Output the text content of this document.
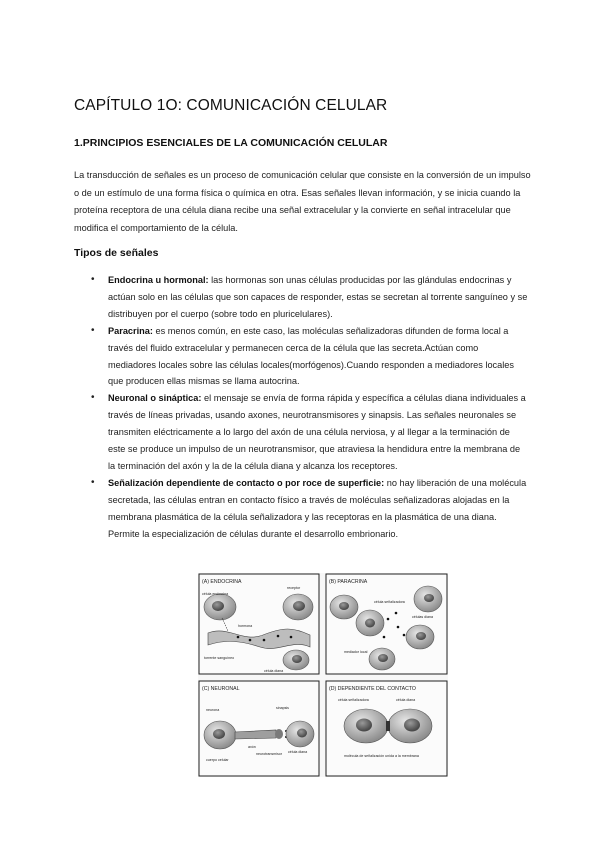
CAPÍTULO 1O: COMUNICACIÓN CELULAR
1.PRINCIPIOS ESENCIALES DE LA COMUNICACIÓN CELULAR

La transducción de señales es un proceso de comunicación celular que consiste en la conversión de un impulso o de un estímulo de una forma física o química en otra. Esas señales llevan información, y se inicia cuando la proteína receptora de una célula diana recibe una señal extracelular y la convierte en señal intracelular que modifica el comportamiento de la célula.

Tipos de señales
• Endocrina u hormonal: las hormonas son unas células producidas por las glándulas endocrinas y actúan solo en las células que son capaces de responder, estas se secretan al torrente sanguíneo y se distribuyen por el cuerpo (sobre todo en pluricelulares).
• Paracrina: es menos común, en este caso, las moléculas señalizadoras difunden de forma local a través del fluido extracelular y permanecen cerca de la célula que las secreta.Actúan como mediadores locales sobre las células locales(morfógenos).Cuando responden a mediadores locales que producen ellas mismas se llama autocrina.
• Neuronal o sináptica: el mensaje se envía de forma rápida y específica a células diana individuales a través de líneas privadas, usando axones, neurotransmisores y sinapsis. Las señales neuronales se transmiten eléctricamente a lo largo del axón de una célula nerviosa, y al llegar a la terminación de este se produce un impulso de un neurotransmisor, que atraviesa la hendidura entre la membrana de la terminación del axón y la de la célula diana y alcanza los receptores.
• Señalización dependiente de contacto o por roce de superficie: no hay liberación de una molécula secretada, las células entran en contacto físico a través de moléculas señalizadoras alojadas en la membrana plasmática de la célula señalizadora y las receptoras en la plasmática de una diana. Permite la especialización de células durante el desarrollo embrionario.
(A) ENDOCRINA
célula endocrina
receptor
hormona
torrente sanguíneo
célula diana
(B) PARACRINA
célula señalizadora
células diana
mediador local
(C) NEURONAL
sinapsis
neurona
axón
cuerpo celular
neurotransmisor célula diana
(D) DEPENDIENTE DEL CONTACTO
célula señalizadora	célula diana
molécula de señalización unida a la membrana
